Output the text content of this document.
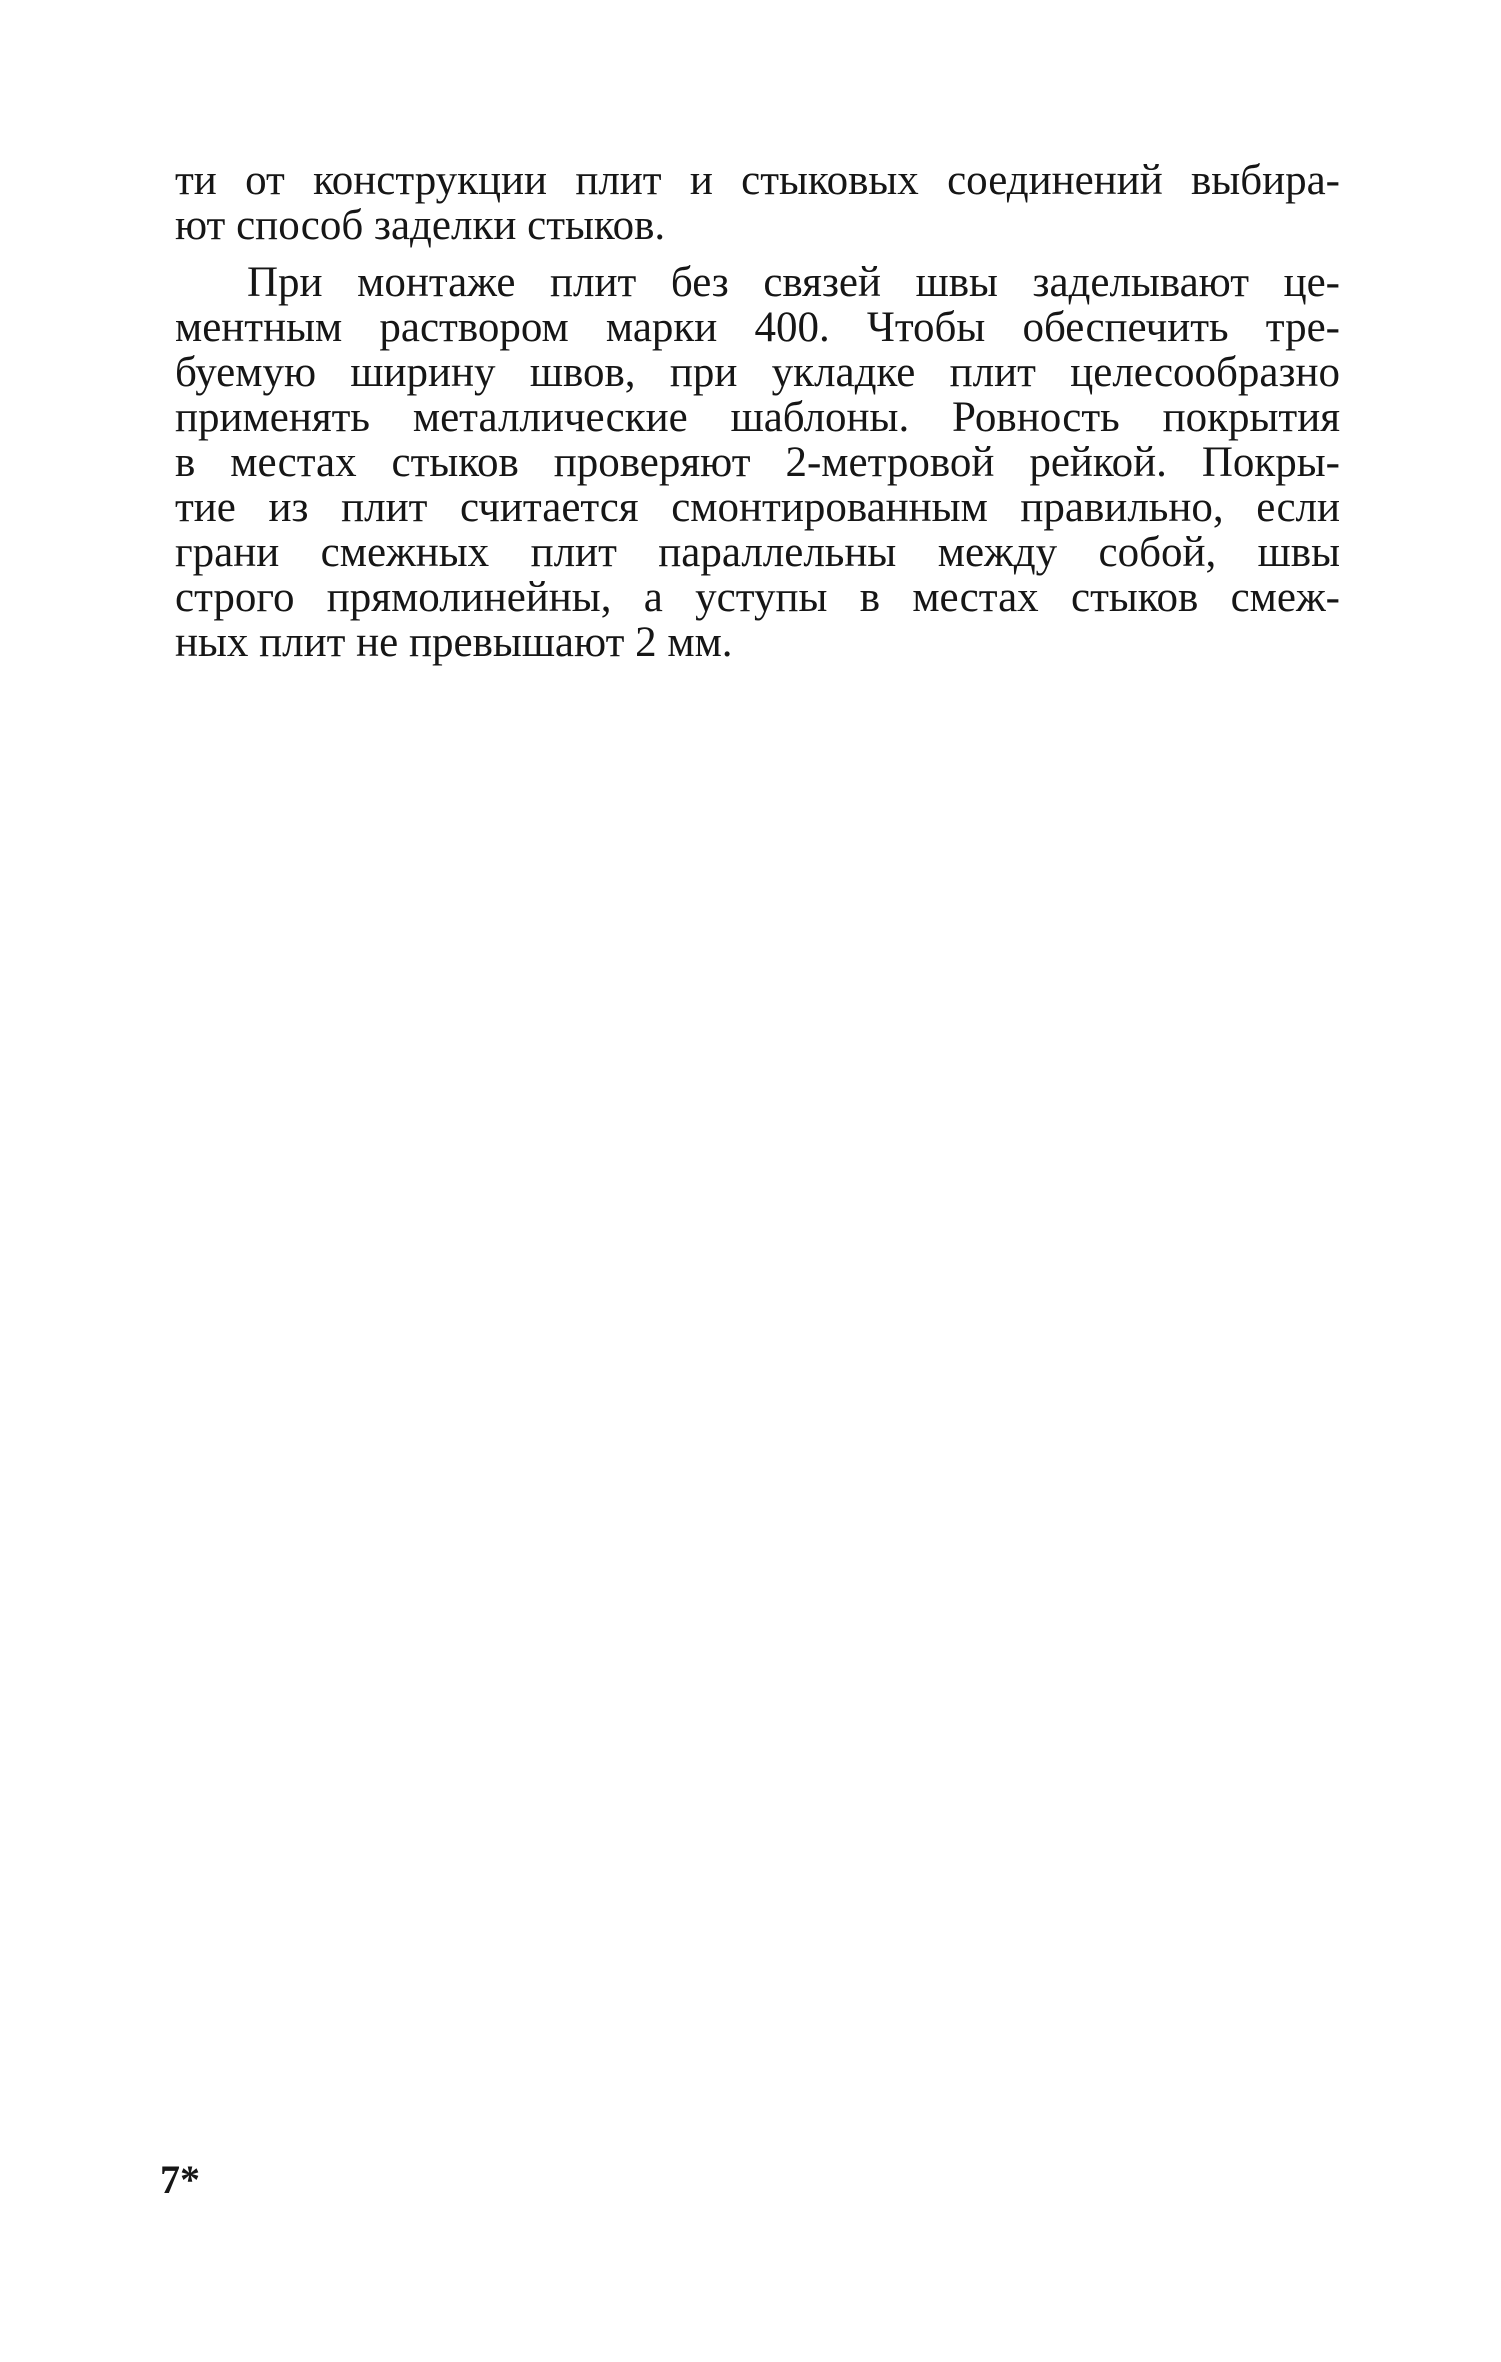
ти от конструкции плит и стыковых соединений выбира-
ют способ заделки стыков.
При монтаже плит без связей швы заделывают це-
ментным раствором марки 400. Чтобы обеспечить тре-
буемую ширину швов, при укладке плит целесообразно
применять металлические шаблоны. Ровность покрытия
в местах стыков проверяют 2-метровой рейкой. Покры-
тие из плит считается смонтированным правильно, если
грани смежных плит параллельны между собой, швы
строго прямолинейны, а уступы в местах стыков смеж-
ных плит не превышают 2 мм.
7*
